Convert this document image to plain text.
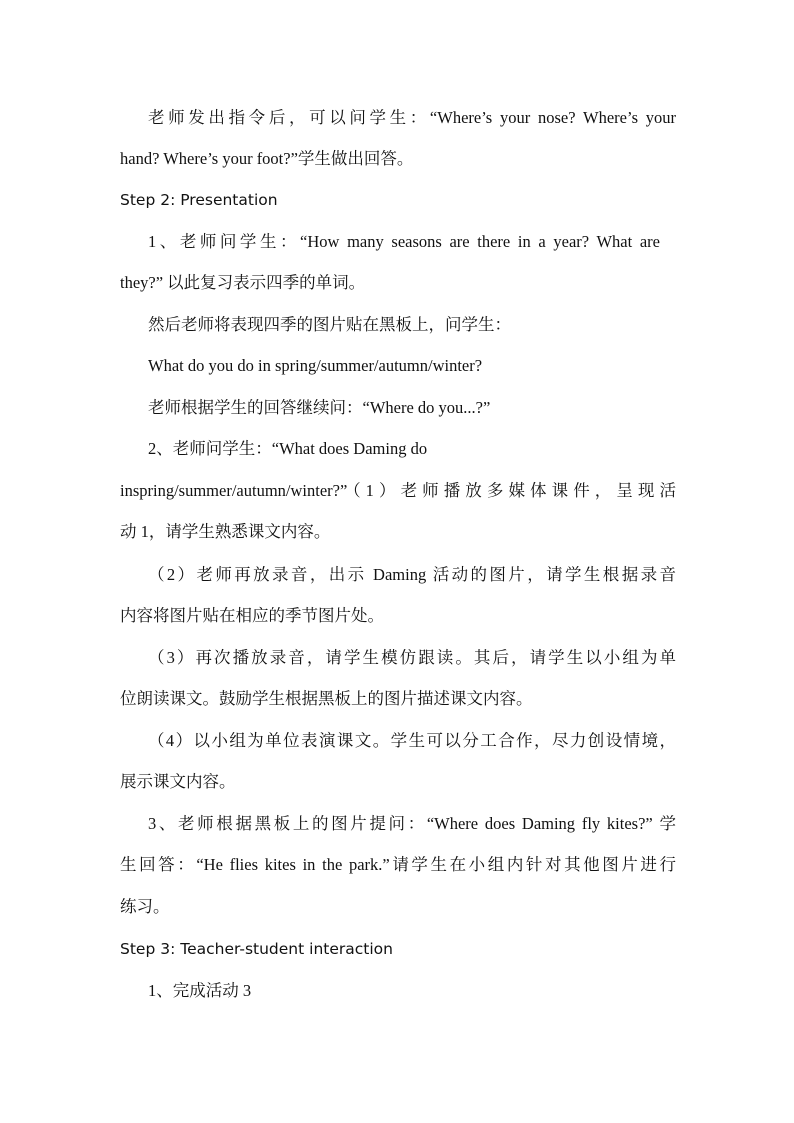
老师发出指令后，可以问学生：“Where’s your nose? Where’s your
hand? Where’s your foot?”学生做出回答。
Step 2: Presentation
1、老师问学生：“How many seasons are there in a year? What are
they?” 以此复习表示四季的单词。
然后老师将表现四季的图片贴在黑板上，问学生：
What do you do in spring/summer/autumn/winter?
老师根据学生的回答继续问：“Where do you...?”
2、老师问学生：“What does Daming do
inspring/summer/autumn/winter?”（1）老师播放多媒体课件，呈现活
动 1，请学生熟悉课文内容。
（2）老师再放录音，出示 Daming 活动的图片，请学生根据录音
内容将图片贴在相应的季节图片处。
（3）再次播放录音，请学生模仿跟读。其后，请学生以小组为单
位朗读课文。鼓励学生根据黑板上的图片描述课文内容。
（4）以小组为单位表演课文。学生可以分工合作，尽力创设情境，
展示课文内容。
3、老师根据黑板上的图片提问：“Where does Daming fly kites?” 学
生回答：“He flies kites in the park.”请学生在小组内针对其他图片进行
练习。
Step 3: Teacher-student interaction
1、完成活动 3
